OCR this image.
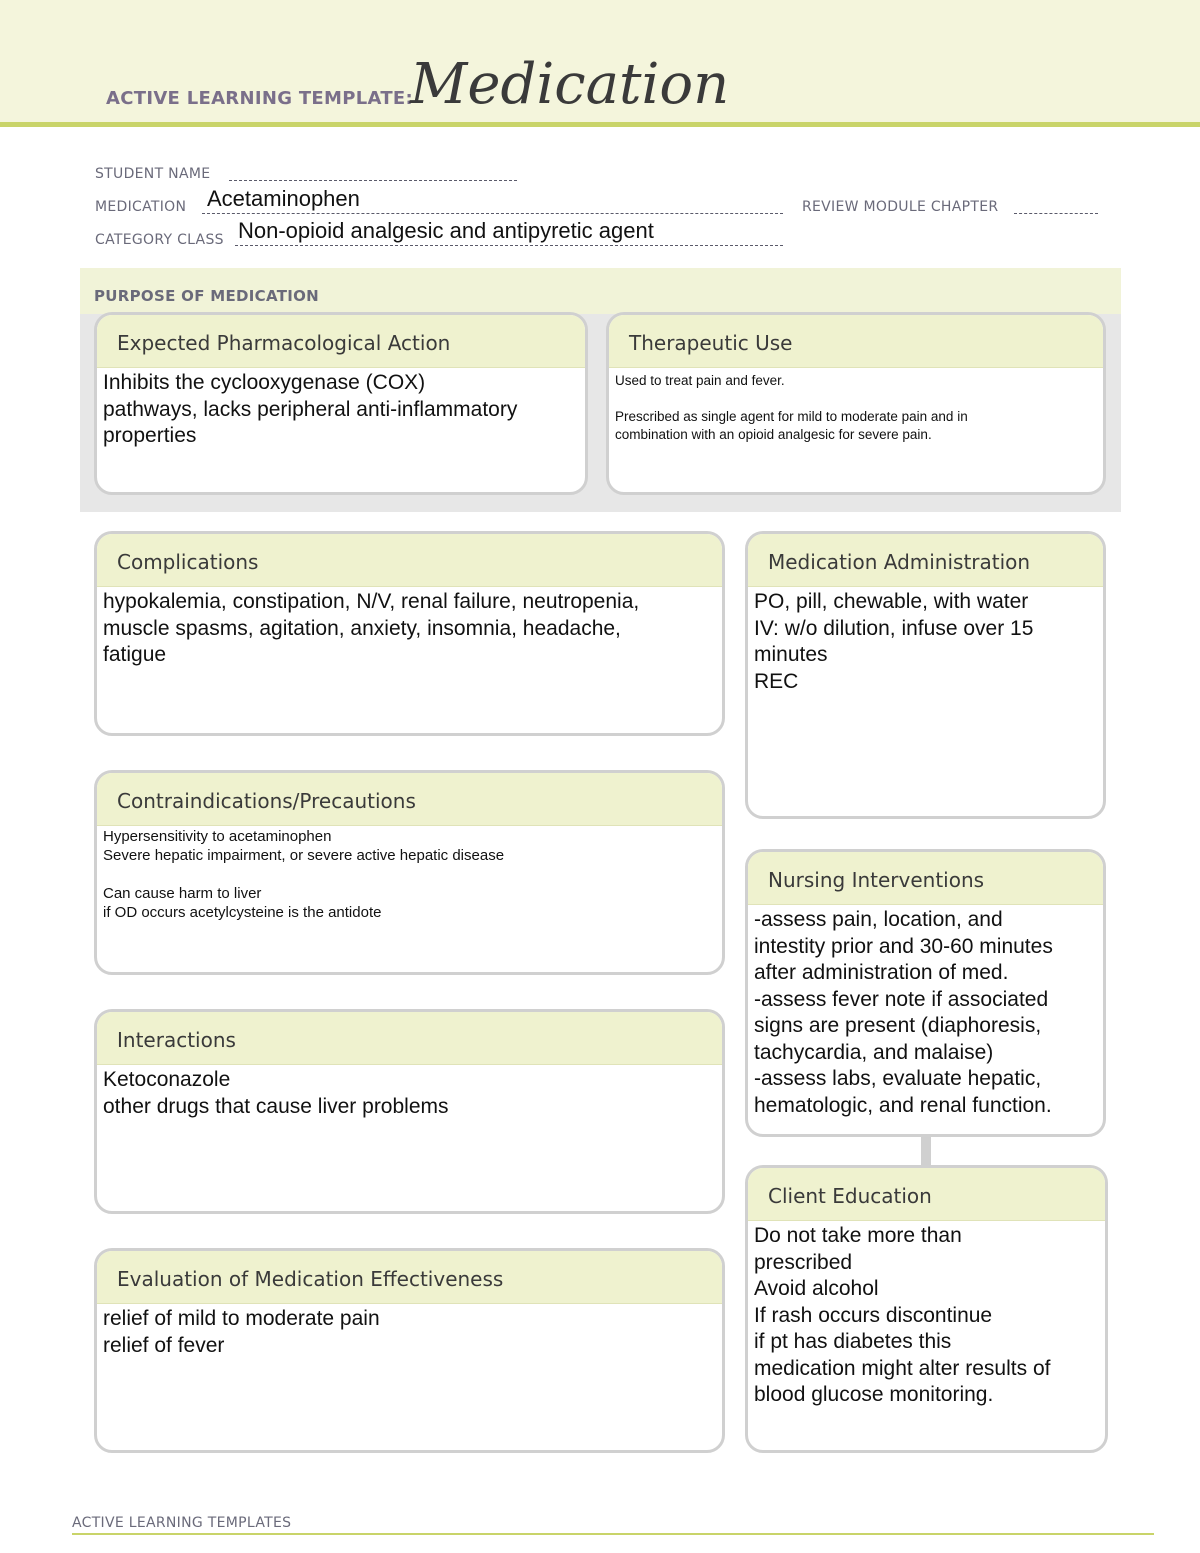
ACTIVE LEARNING TEMPLATE:
Medication
STUDENT NAME
MEDICATION Acetaminophen	REVIEW MODULE CHAPTER
CATEGORY CLASS Non-opioid analgesic and antipyretic agent
PURPOSE OF MEDICATION
Expected Pharmacological Action
Inhibits the cyclooxygenase (COX)
pathways, lacks peripheral anti-inflammatory
properties
Therapeutic Use
Used to treat pain and fever.

Prescribed as single agent for mild to moderate pain and in
combination with an opioid analgesic for severe pain.
Complications
hypokalemia, constipation, N/V, renal failure, neutropenia,
muscle spasms, agitation, anxiety, insomnia, headache,
fatigue
Medication Administration
PO, pill, chewable, with water
IV: w/o dilution, infuse over 15
minutes
REC
Contraindications/Precautions
Hypersensitivity to acetaminophen
Severe hepatic impairment, or severe active hepatic disease

Can cause harm to liver
if OD occurs acetylcysteine is the antidote
Nursing Interventions
-assess pain, location, and
intestity prior and 30-60 minutes
after administration of med.
-assess fever note if associated
signs are present (diaphoresis,
tachycardia, and malaise)
-assess labs, evaluate hepatic,
hematologic, and renal function.
Interactions
Ketoconazole
other drugs that cause liver problems
Client Education
Do not take more than
prescribed
Avoid alcohol
If rash occurs discontinue
if pt has diabetes this
medication might alter results of
blood glucose monitoring.
Evaluation of Medication Effectiveness
relief of mild to moderate pain
relief of fever
ACTIVE LEARNING TEMPLATES
